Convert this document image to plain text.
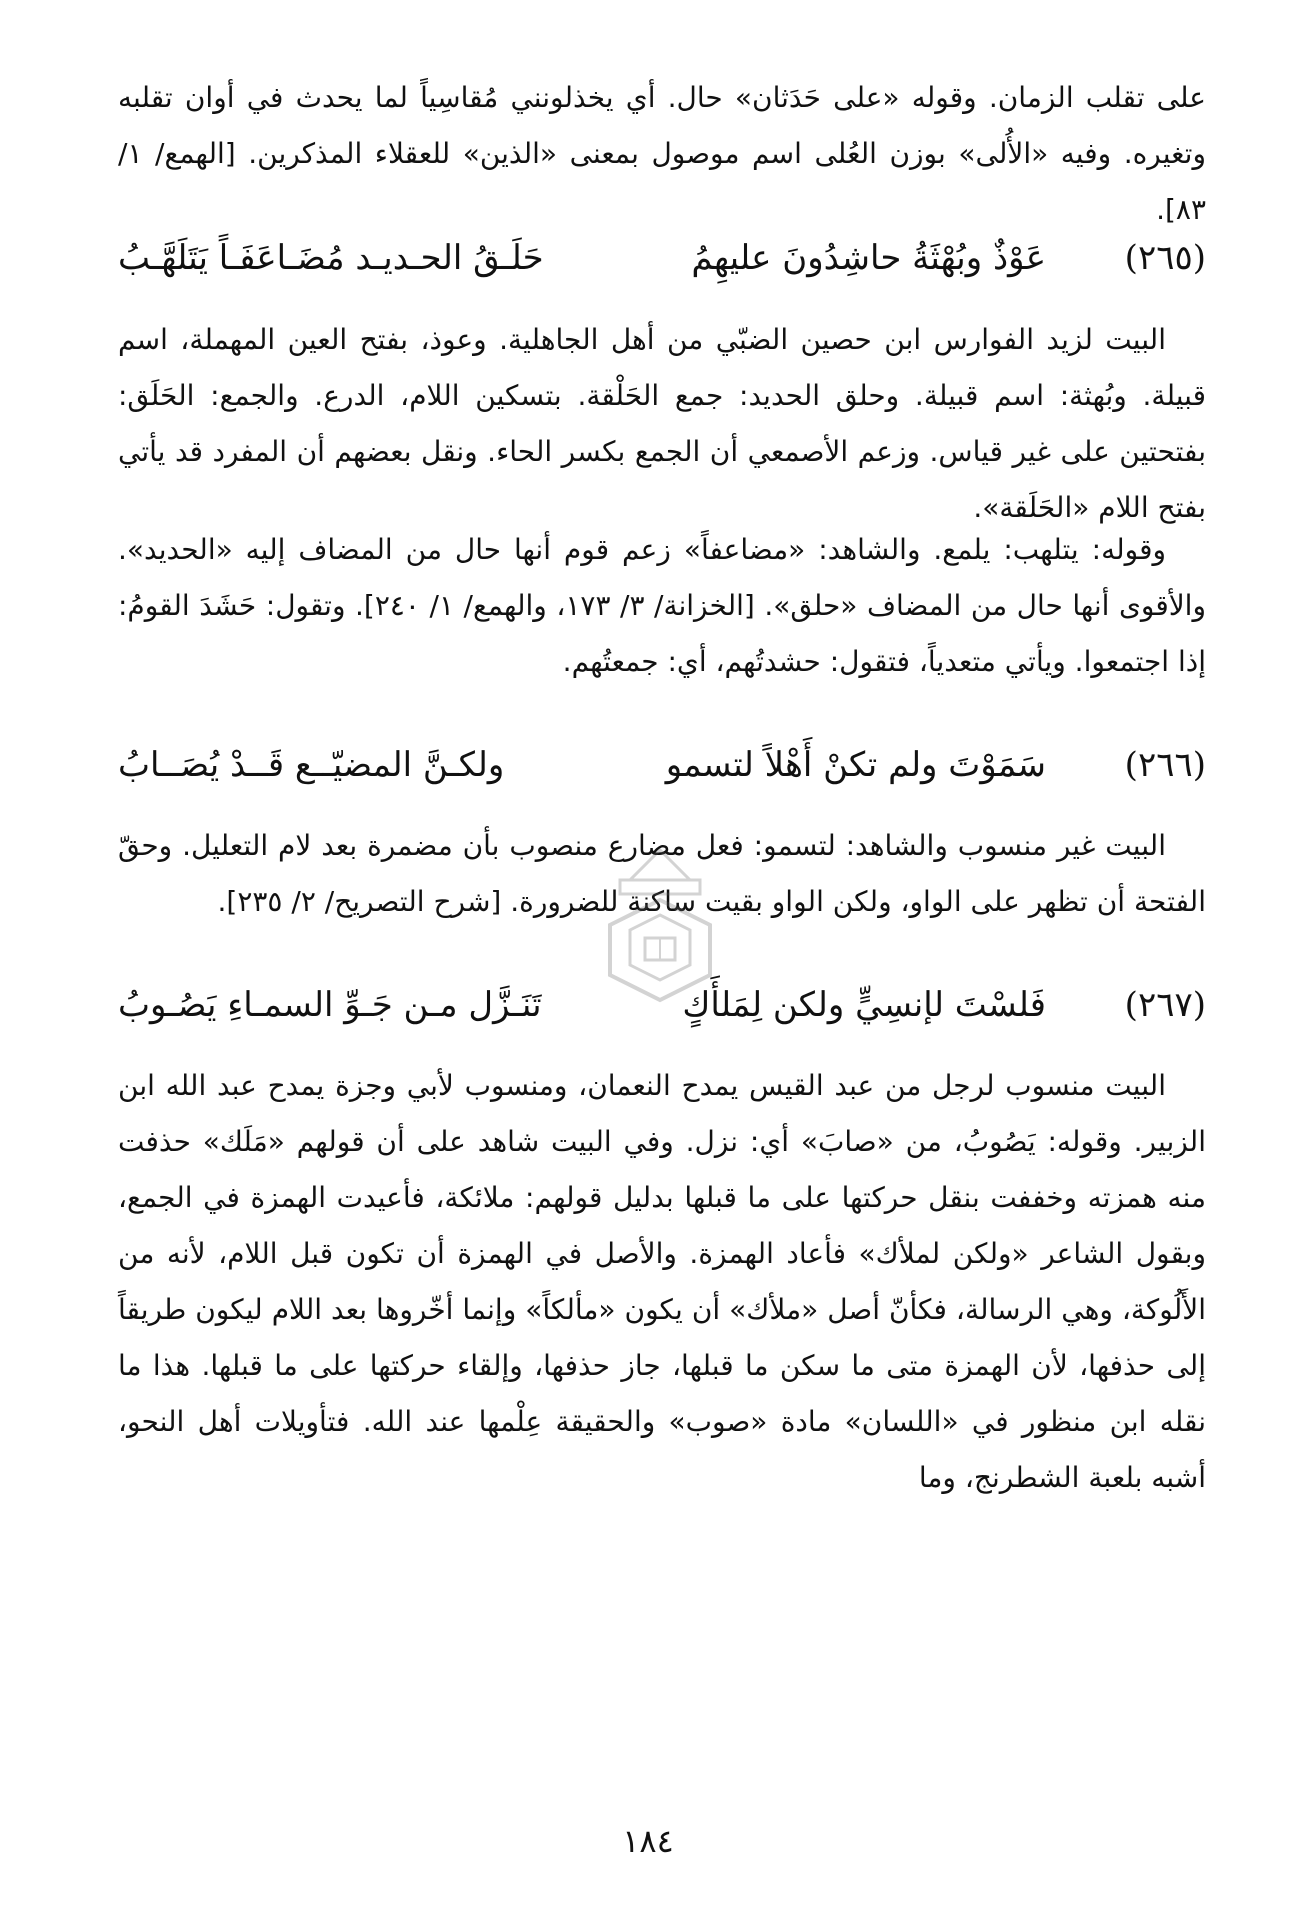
على تقلب الزمان. وقوله «على حَدَثان» حال. أي يخذلونني مُقاسِياً لما يحدث في أوان تقلبه وتغيره. وفيه «الأُلى» بوزن العُلى اسم موصول بمعنى «الذين» للعقلاء المذكرين. [الهمع/ ١/ ٨٣].
(٢٦٥)
عَوْذٌ وبُهْثَةُ حاشِدُونَ عليهِمُ
حَلَـقُ الحـديـد مُضَـاعَفَـاً يَتَلَهَّـبُ
البيت لزيد الفوارس ابن حصين الضبّي من أهل الجاهلية. وعوذ، بفتح العين المهملة، اسم قبيلة. وبُهثة: اسم قبيلة. وحلق الحديد: جمع الحَلْقة. بتسكين اللام، الدرع. والجمع: الحَلَق: بفتحتين على غير قياس. وزعم الأصمعي أن الجمع بكسر الحاء. ونقل بعضهم أن المفرد قد يأتي بفتح اللام «الحَلَقة».
وقوله: يتلهب: يلمع. والشاهد: «مضاعفاً» زعم قوم أنها حال من المضاف إليه «الحديد». والأقوى أنها حال من المضاف «حلق». [الخزانة/ ٣/ ١٧٣، والهمع/ ١/ ٢٤٠]. وتقول: حَشَدَ القومُ: إذا اجتمعوا. ويأتي متعدياً، فتقول: حشدتُهم، أي: جمعتُهم.
(٢٦٦)
سَمَوْتَ ولم تكنْ أَهْلاً لتسمو
ولكـنَّ المضيّــع قَــدْ يُصَــابُ
البيت غير منسوب والشاهد: لتسمو: فعل مضارع منصوب بأن مضمرة بعد لام التعليل. وحقّ الفتحة أن تظهر على الواو، ولكن الواو بقيت ساكنة للضرورة. [شرح التصريح/ ٢/ ٢٣٥].
(٢٦٧)
فَلسْتَ لإنسِيٍّ ولكن لِمَلأَكٍ
تَنَـزَّل مـن جَـوِّ السمـاءِ يَصُـوبُ
البيت منسوب لرجل من عبد القيس يمدح النعمان، ومنسوب لأبي وجزة يمدح عبد الله ابن الزبير. وقوله: يَصُوبُ، من «صابَ» أي: نزل. وفي البيت شاهد على أن قولهم «مَلَك» حذفت منه همزته وخففت بنقل حركتها على ما قبلها بدليل قولهم: ملائكة، فأعيدت الهمزة في الجمع، وبقول الشاعر «ولكن لملأك» فأعاد الهمزة. والأصل في الهمزة أن تكون قبل اللام، لأنه من الأَلُوكة، وهي الرسالة، فكأنّ أصل «ملأك» أن يكون «مألكاً» وإنما أخّروها بعد اللام ليكون طريقاً إلى حذفها، لأن الهمزة متى ما سكن ما قبلها، جاز حذفها، وإلقاء حركتها على ما قبلها. هذا ما نقله ابن منظور في «اللسان» مادة «صوب» والحقيقة عِلْمها عند الله. فتأويلات أهل النحو، أشبه بلعبة الشطرنج، وما
١٨٤
